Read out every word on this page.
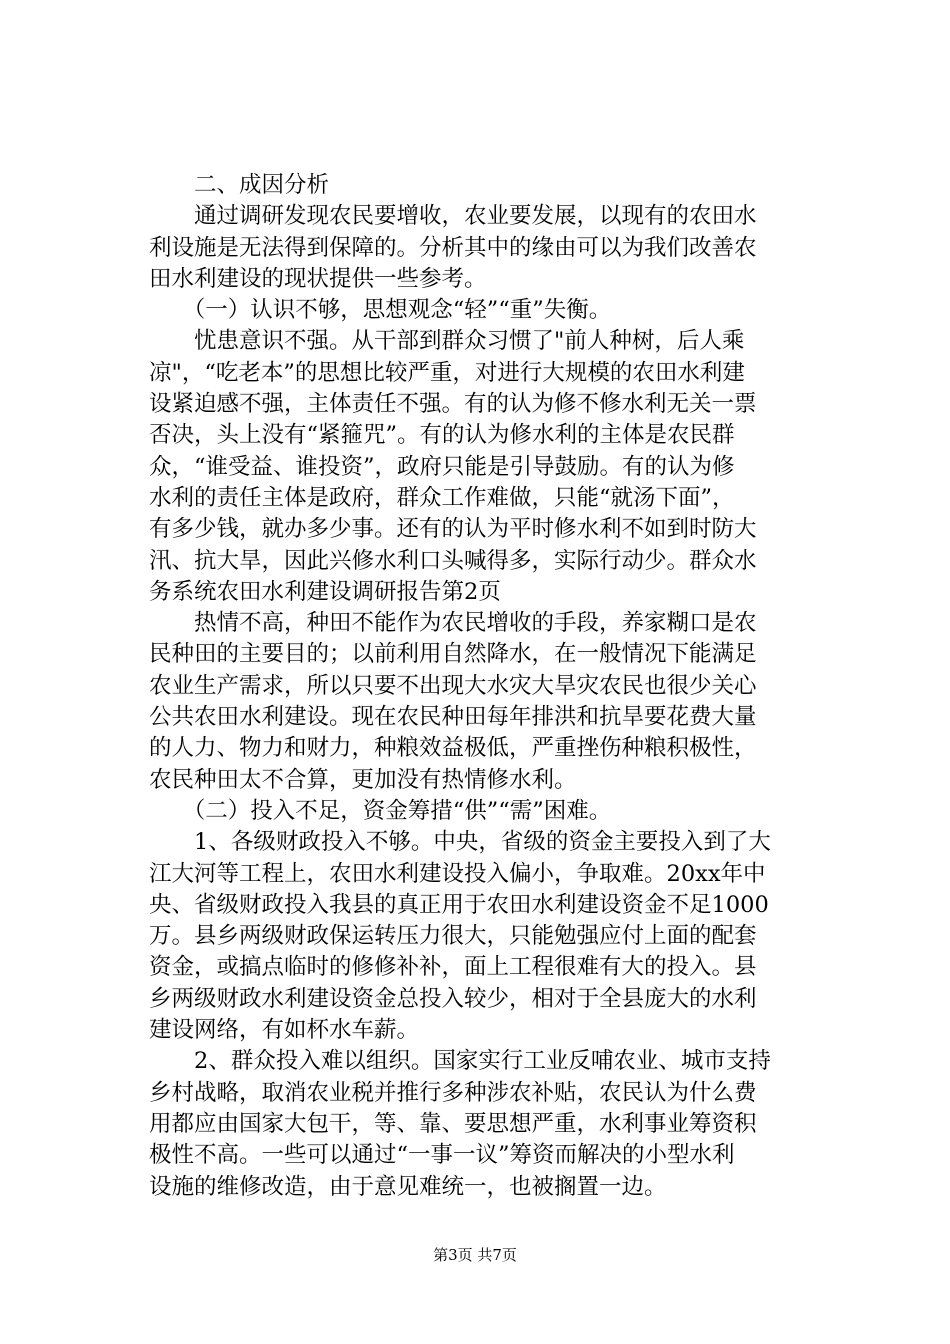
　　二、成因分析
　　通过调研发现农民要增收，农业要发展，以现有的农田水
利设施是无法得到保障的。分析其中的缘由可以为我们改善农
田水利建设的现状提供一些参考。
　　（一）认识不够，思想观念“轻”“重”失衡。
　　忧患意识不强。从干部到群众习惯了"前人种树，后人乘
凉"，“吃老本”的思想比较严重，对进行大规模的农田水利建
设紧迫感不强，主体责任不强。有的认为修不修水利无关一票
否决，头上没有“紧箍咒”。有的认为修水利的主体是农民群
众，“谁受益、谁投资”，政府只能是引导鼓励。有的认为修
水利的责任主体是政府，群众工作难做，只能“就汤下面”，
有多少钱，就办多少事。还有的认为平时修水利不如到时防大
汛、抗大旱，因此兴修水利口头喊得多，实际行动少。群众水
务系统农田水利建设调研报告第2页
　　热情不高，种田不能作为农民增收的手段，养家糊口是农
民种田的主要目的；以前利用自然降水，在一般情况下能满足
农业生产需求，所以只要不出现大水灾大旱灾农民也很少关心
公共农田水利建设。现在农民种田每年排洪和抗旱要花费大量
的人力、物力和财力，种粮效益极低，严重挫伤种粮积极性，
农民种田太不合算，更加没有热情修水利。
　　（二）投入不足，资金筹措“供”“需”困难。
　　1、各级财政投入不够。中央，省级的资金主要投入到了大
江大河等工程上，农田水利建设投入偏小，争取难。20xx年中
央、省级财政投入我县的真正用于农田水利建设资金不足1000
万。县乡两级财政保运转压力很大，只能勉强应付上面的配套
资金，或搞点临时的修修补补，面上工程很难有大的投入。县
乡两级财政水利建设资金总投入较少，相对于全县庞大的水利
建设网络，有如杯水车薪。
　　2、群众投入难以组织。国家实行工业反哺农业、城市支持
乡村战略，取消农业税并推行多种涉农补贴，农民认为什么费
用都应由国家大包干，等、靠、要思想严重，水利事业筹资积
极性不高。一些可以通过“一事一议”筹资而解决的小型水利
设施的维修改造，由于意见难统一，也被搁置一边。
第3页 共7页
